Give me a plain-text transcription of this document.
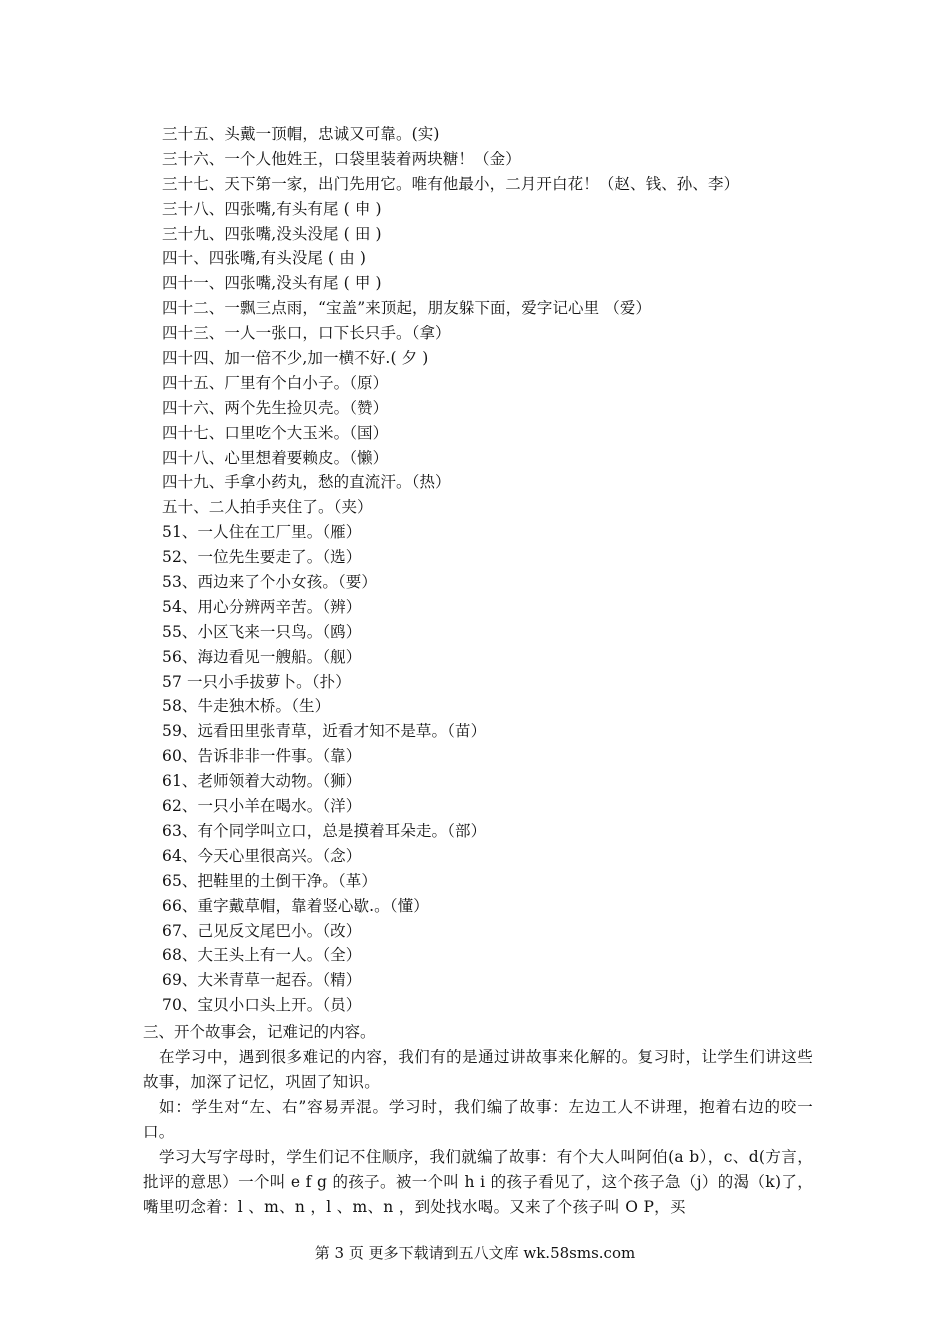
三十五、头戴一顶帽，忠诚又可靠。(实)
三十六、一个人他姓王，口袋里装着两块糖！（金）
三十七、天下第一家，出门先用它。唯有他最小，二月开白花！（赵、钱、孙、李）
三十八、四张嘴,有头有尾 ( 申 )
三十九、四张嘴,没头没尾 ( 田 )
四十、四张嘴,有头没尾 ( 由 )
四十一、四张嘴,没头有尾 ( 甲 )
四十二、一飘三点雨，“宝盖”来顶起，朋友躲下面，爱字记心里 （爱）
四十三、一人一张口，口下长只手。（拿）
四十四、加一倍不少,加一横不好.( 夕 )
四十五、厂里有个白小子。（原）
四十六、两个先生捡贝壳。（赞）
四十七、口里吃个大玉米。（国）
四十八、心里想着要赖皮。（懒）
四十九、手拿小药丸，愁的直流汗。（热）
五十、二人拍手夹住了。（夹）
51、一人住在工厂里。（雁）
52、一位先生要走了。（选）
53、西边来了个小女孩。（要）
54、用心分辨两辛苦。（辨）
55、小区飞来一只鸟。（鸥）
56、海边看见一艘船。（舰）
57 一只小手拔萝卜。（扑）
58、牛走独木桥。（生）
59、远看田里张青草，近看才知不是草。（苗）
60、告诉非非一件事。（靠）
61、老师领着大动物。（狮）
62、一只小羊在喝水。（洋）
63、有个同学叫立口，总是摸着耳朵走。（部）
64、今天心里很高兴。（念）
65、把鞋里的土倒干净。（革）
66、重字戴草帽，靠着竖心歇.。（懂）
67、己见反文尾巴小。（改）
68、大王头上有一人。（全）
69、大米青草一起吞。（精）
70、宝贝小口头上开。（员）

三、开个故事会，记难记的内容。

在学习中，遇到很多难记的内容，我们有的是通过讲故事来化解的。复习时，让学生们讲这些故事，加深了记忆，巩固了知识。

如：学生对“左、右”容易弄混。学习时，我们编了故事：左边工人不讲理，抱着右边的咬一口。

学习大写字母时，学生们记不住顺序，我们就编了故事：有个大人叫阿伯(a b），c、d(方言，批评的意思）一个叫 e f g 的孩子。被一个叫 h i 的孩子看见了，这个孩子急（j）的渴（k)了，嘴里叨念着：l 、m、n ，l 、m、n ，到处找水喝。又来了个孩子叫 O P，买

第 3 页 更多下载请到五八文库 wk.58sms.com
